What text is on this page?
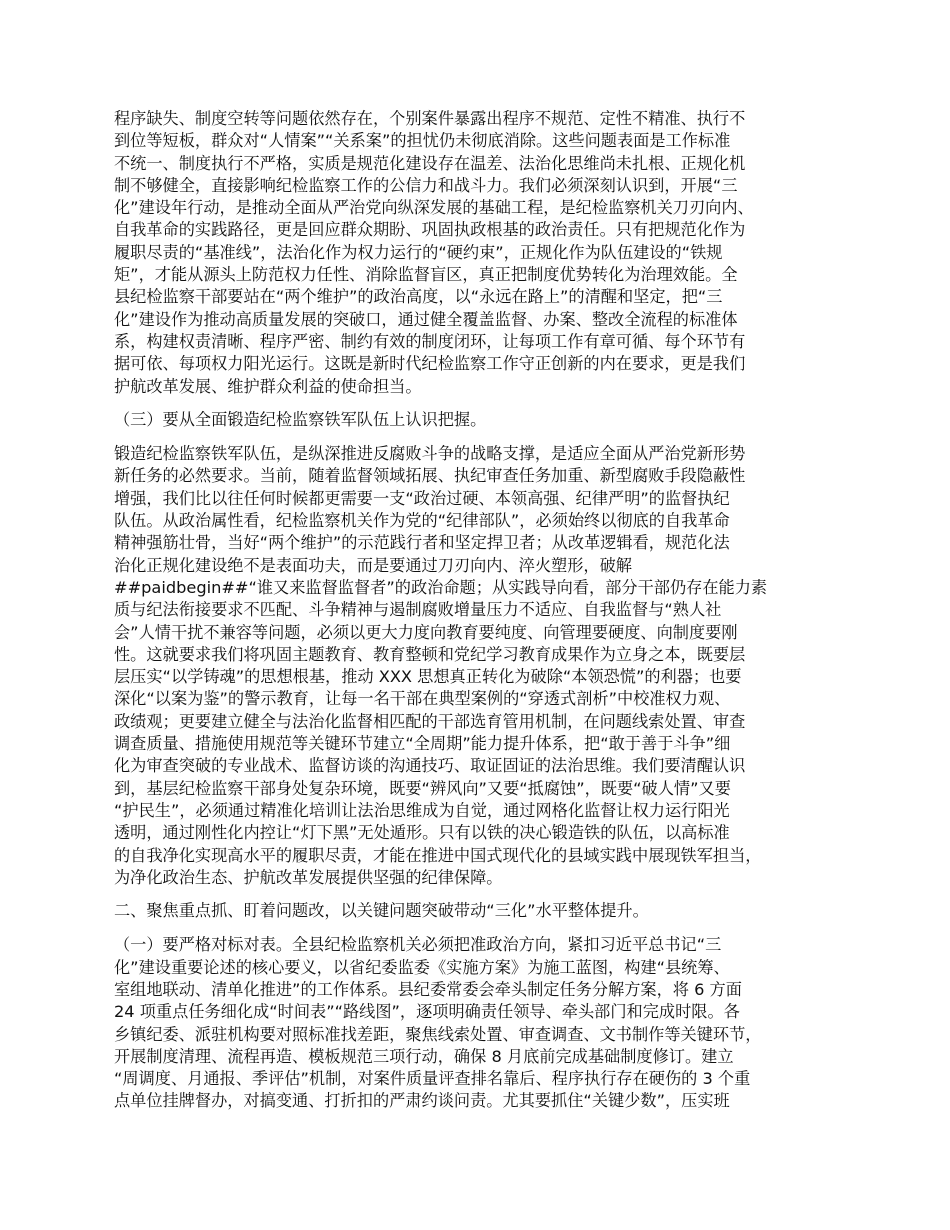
程序缺失、制度空转等问题依然存在，个别案件暴露出程序不规范、定性不精准、执行不
到位等短板，群众对“人情案”“关系案”的担忧仍未彻底消除。这些问题表面是工作标准
不统一、制度执行不严格，实质是规范化建设存在温差、法治化思维尚未扎根、正规化机
制不够健全，直接影响纪检监察工作的公信力和战斗力。我们必须深刻认识到，开展“三
化”建设年行动，是推动全面从严治党向纵深发展的基础工程，是纪检监察机关刀刃向内、
自我革命的实践路径，更是回应群众期盼、巩固执政根基的政治责任。只有把规范化作为
履职尽责的“基准线”，法治化作为权力运行的“硬约束”，正规化作为队伍建设的“铁规
矩”，才能从源头上防范权力任性、消除监督盲区，真正把制度优势转化为治理效能。全
县纪检监察干部要站在“两个维护”的政治高度，以“永远在路上”的清醒和坚定，把“三
化”建设作为推动高质量发展的突破口，通过健全覆盖监督、办案、整改全流程的标准体
系，构建权责清晰、程序严密、制约有效的制度闭环，让每项工作有章可循、每个环节有
据可依、每项权力阳光运行。这既是新时代纪检监察工作守正创新的内在要求，更是我们
护航改革发展、维护群众利益的使命担当。
（三）要从全面锻造纪检监察铁军队伍上认识把握。
锻造纪检监察铁军队伍，是纵深推进反腐败斗争的战略支撑，是适应全面从严治党新形势
新任务的必然要求。当前，随着监督领域拓展、执纪审查任务加重、新型腐败手段隐蔽性
增强，我们比以往任何时候都更需要一支“政治过硬、本领高强、纪律严明”的监督执纪
队伍。从政治属性看，纪检监察机关作为党的“纪律部队”，必须始终以彻底的自我革命
精神强筋壮骨，当好“两个维护”的示范践行者和坚定捍卫者；从改革逻辑看，规范化法
治化正规化建设绝不是表面功夫，而是要通过刀刃向内、淬火塑形，破解
##paidbegin##“谁又来监督监督者”的政治命题；从实践导向看，部分干部仍存在能力素
质与纪法衔接要求不匹配、斗争精神与遏制腐败增量压力不适应、自我监督与“熟人社
会”人情干扰不兼容等问题，必须以更大力度向教育要纯度、向管理要硬度、向制度要刚
性。这就要求我们将巩固主题教育、教育整顿和党纪学习教育成果作为立身之本，既要层
层压实“以学铸魂”的思想根基，推动 XXX 思想真正转化为破除“本领恐慌”的利器；也要
深化“以案为鉴”的警示教育，让每一名干部在典型案例的“穿透式剖析”中校准权力观、
政绩观；更要建立健全与法治化监督相匹配的干部选育管用机制，在问题线索处置、审查
调查质量、措施使用规范等关键环节建立“全周期”能力提升体系，把“敢于善于斗争”细
化为审查突破的专业战术、监督访谈的沟通技巧、取证固证的法治思维。我们要清醒认识
到，基层纪检监察干部身处复杂环境，既要“辨风向”又要“抵腐蚀”，既要“破人情”又要
“护民生”，必须通过精准化培训让法治思维成为自觉，通过网格化监督让权力运行阳光
透明，通过刚性化内控让“灯下黑”无处遁形。只有以铁的决心锻造铁的队伍，以高标准
的自我净化实现高水平的履职尽责，才能在推进中国式现代化的县域实践中展现铁军担当，
为净化政治生态、护航改革发展提供坚强的纪律保障。
二、聚焦重点抓、盯着问题改，以关键问题突破带动“三化”水平整体提升。
（一）要严格对标对表。全县纪检监察机关必须把准政治方向，紧扣习近平总书记“三
化”建设重要论述的核心要义，以省纪委监委《实施方案》为施工蓝图，构建“县统筹、
室组地联动、清单化推进”的工作体系。县纪委常委会牵头制定任务分解方案，将 6 方面
24 项重点任务细化成“时间表”“路线图”，逐项明确责任领导、牵头部门和完成时限。各
乡镇纪委、派驻机构要对照标准找差距，聚焦线索处置、审查调查、文书制作等关键环节，
开展制度清理、流程再造、模板规范三项行动，确保 8 月底前完成基础制度修订。建立
“周调度、月通报、季评估”机制，对案件质量评查排名靠后、程序执行存在硬伤的 3 个重
点单位挂牌督办，对搞变通、打折扣的严肃约谈问责。尤其要抓住“关键少数”，压实班
